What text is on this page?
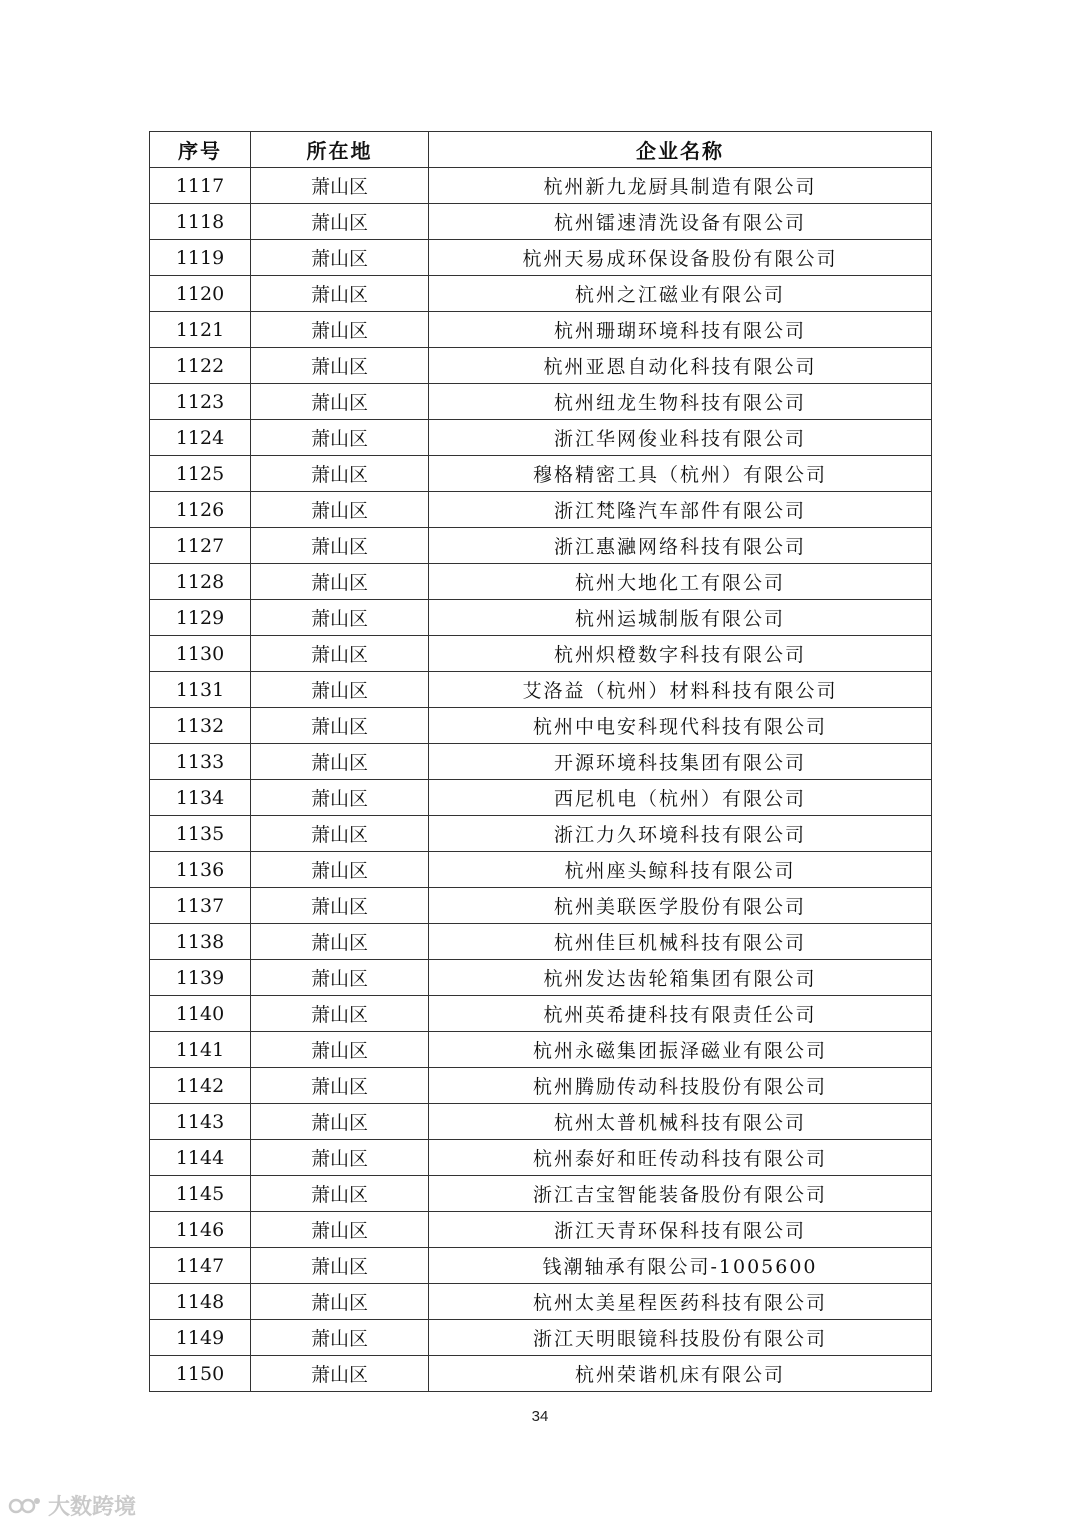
序号	所在地	企业名称
1117	萧山区	杭州新九龙厨具制造有限公司
1118	萧山区	杭州镭速清洗设备有限公司
1119	萧山区	杭州天易成环保设备股份有限公司
1120	萧山区	杭州之江磁业有限公司
1121	萧山区	杭州珊瑚环境科技有限公司
1122	萧山区	杭州亚恩自动化科技有限公司
1123	萧山区	杭州纽龙生物科技有限公司
1124	萧山区	浙江华网俊业科技有限公司
1125	萧山区	穆格精密工具（杭州）有限公司
1126	萧山区	浙江梵隆汽车部件有限公司
1127	萧山区	浙江惠瀜网络科技有限公司
1128	萧山区	杭州大地化工有限公司
1129	萧山区	杭州运城制版有限公司
1130	萧山区	杭州炽橙数字科技有限公司
1131	萧山区	艾洛益（杭州）材料科技有限公司
1132	萧山区	杭州中电安科现代科技有限公司
1133	萧山区	开源环境科技集团有限公司
1134	萧山区	西尼机电（杭州）有限公司
1135	萧山区	浙江力久环境科技有限公司
1136	萧山区	杭州座头鲸科技有限公司
1137	萧山区	杭州美联医学股份有限公司
1138	萧山区	杭州佳巨机械科技有限公司
1139	萧山区	杭州发达齿轮箱集团有限公司
1140	萧山区	杭州英希捷科技有限责任公司
1141	萧山区	杭州永磁集团振泽磁业有限公司
1142	萧山区	杭州腾励传动科技股份有限公司
1143	萧山区	杭州太普机械科技有限公司
1144	萧山区	杭州泰好和旺传动科技有限公司
1145	萧山区	浙江吉宝智能装备股份有限公司
1146	萧山区	浙江天青环保科技有限公司
1147	萧山区	钱潮轴承有限公司-1005600
1148	萧山区	杭州太美星程医药科技有限公司
1149	萧山区	浙江天明眼镜科技股份有限公司
1150	萧山区	杭州荣谐机床有限公司
34
大数跨境
